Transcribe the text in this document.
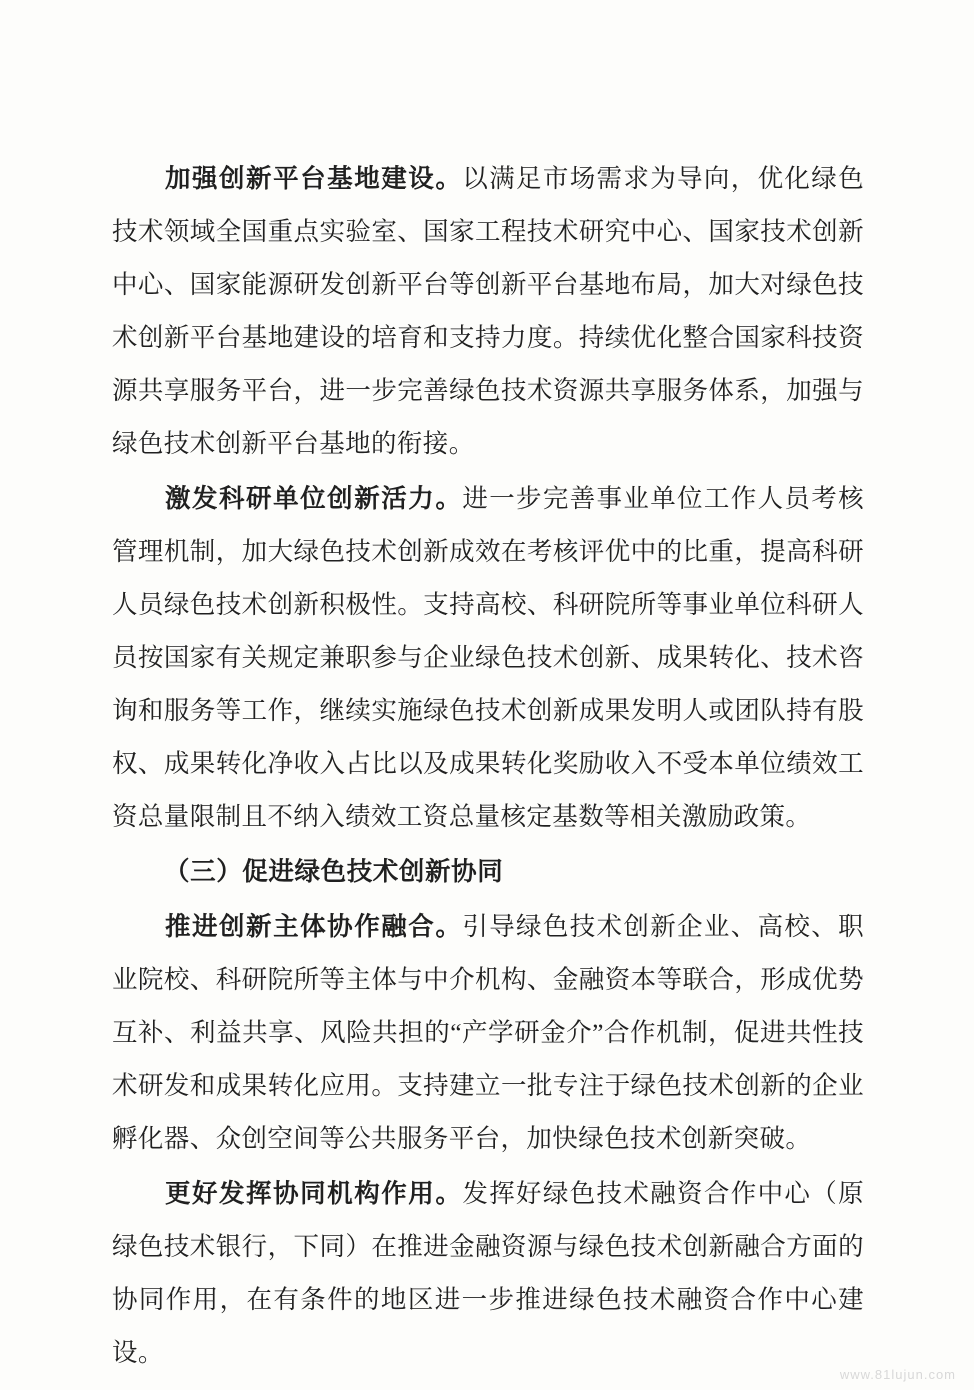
加强创新平台基地建设。以满足市场需求为导向，优化绿色技术领域全国重点实验室、国家工程技术研究中心、国家技术创新中心、国家能源研发创新平台等创新平台基地布局，加大对绿色技术创新平台基地建设的培育和支持力度。持续优化整合国家科技资源共享服务平台，进一步完善绿色技术资源共享服务体系，加强与绿色技术创新平台基地的衔接。

激发科研单位创新活力。进一步完善事业单位工作人员考核管理机制，加大绿色技术创新成效在考核评优中的比重，提高科研人员绿色技术创新积极性。支持高校、科研院所等事业单位科研人员按国家有关规定兼职参与企业绿色技术创新、成果转化、技术咨询和服务等工作，继续实施绿色技术创新成果发明人或团队持有股权、成果转化净收入占比以及成果转化奖励收入不受本单位绩效工资总量限制且不纳入绩效工资总量核定基数等相关激励政策。

（三）促进绿色技术创新协同

推进创新主体协作融合。引导绿色技术创新企业、高校、职业院校、科研院所等主体与中介机构、金融资本等联合，形成优势互补、利益共享、风险共担的“产学研金介”合作机制，促进共性技术研发和成果转化应用。支持建立一批专注于绿色技术创新的企业孵化器、众创空间等公共服务平台，加快绿色技术创新突破。

更好发挥协同机构作用。发挥好绿色技术融资合作中心（原绿色技术银行，下同）在推进金融资源与绿色技术创新融合方面的协同作用，在有条件的地区进一步推进绿色技术融资合作中心建设。

www.81lujun.com
